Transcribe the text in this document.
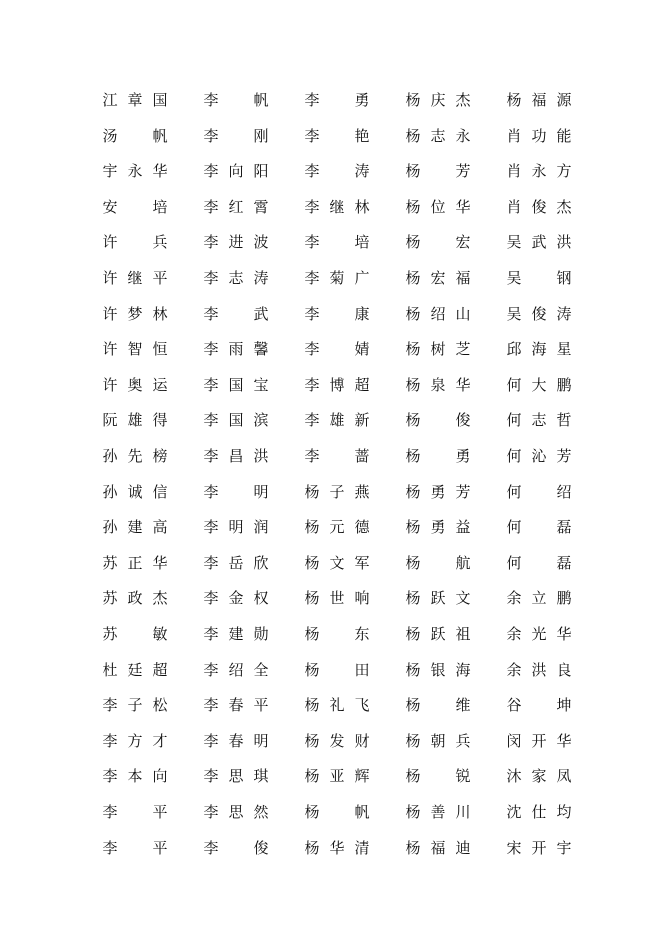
江 章 国 李 帆 李 勇 杨 庆 杰 杨 福 源
汤 帆 李 刚 李 艳 杨 志 永 肖 功 能
宇 永 华 李 向 阳 李 涛 杨 芳 肖 永 方
安 培 李 红 霄 李 继 林 杨 位 华 肖 俊 杰
许 兵 李 进 波 李 培 杨 宏 吴 武 洪
许 继 平 李 志 涛 李 菊 广 杨 宏 福 吴 钢
许 梦 林 李 武 李 康 杨 绍 山 吴 俊 涛
许 智 恒 李 雨 馨 李 婧 杨 树 芝 邱 海 星
许 奥 运 李 国 宝 李 博 超 杨 泉 华 何 大 鹏
阮 雄 得 李 国 滨 李 雄 新 杨 俊 何 志 哲
孙 先 榜 李 昌 洪 李 蔷 杨 勇 何 沁 芳
孙 诚 信 李 明 杨 子 燕 杨 勇 芳 何 绍
孙 建 高 李 明 润 杨 元 德 杨 勇 益 何 磊
苏 正 华 李 岳 欣 杨 文 军 杨 航 何 磊
苏 政 杰 李 金 权 杨 世 响 杨 跃 文 余 立 鹏
苏 敏 李 建 勋 杨 东 杨 跃 祖 余 光 华
杜 廷 超 李 绍 全 杨 田 杨 银 海 余 洪 良
李 子 松 李 春 平 杨 礼 飞 杨 维 谷 坤
李 方 才 李 春 明 杨 发 财 杨 朝 兵 闵 开 华
李 本 向 李 思 琪 杨 亚 辉 杨 锐 沐 家 凤
李 平 李 思 然 杨 帆 杨 善 川 沈 仕 均
李 平 李 俊 杨 华 清 杨 福 迪 宋 开 宇
